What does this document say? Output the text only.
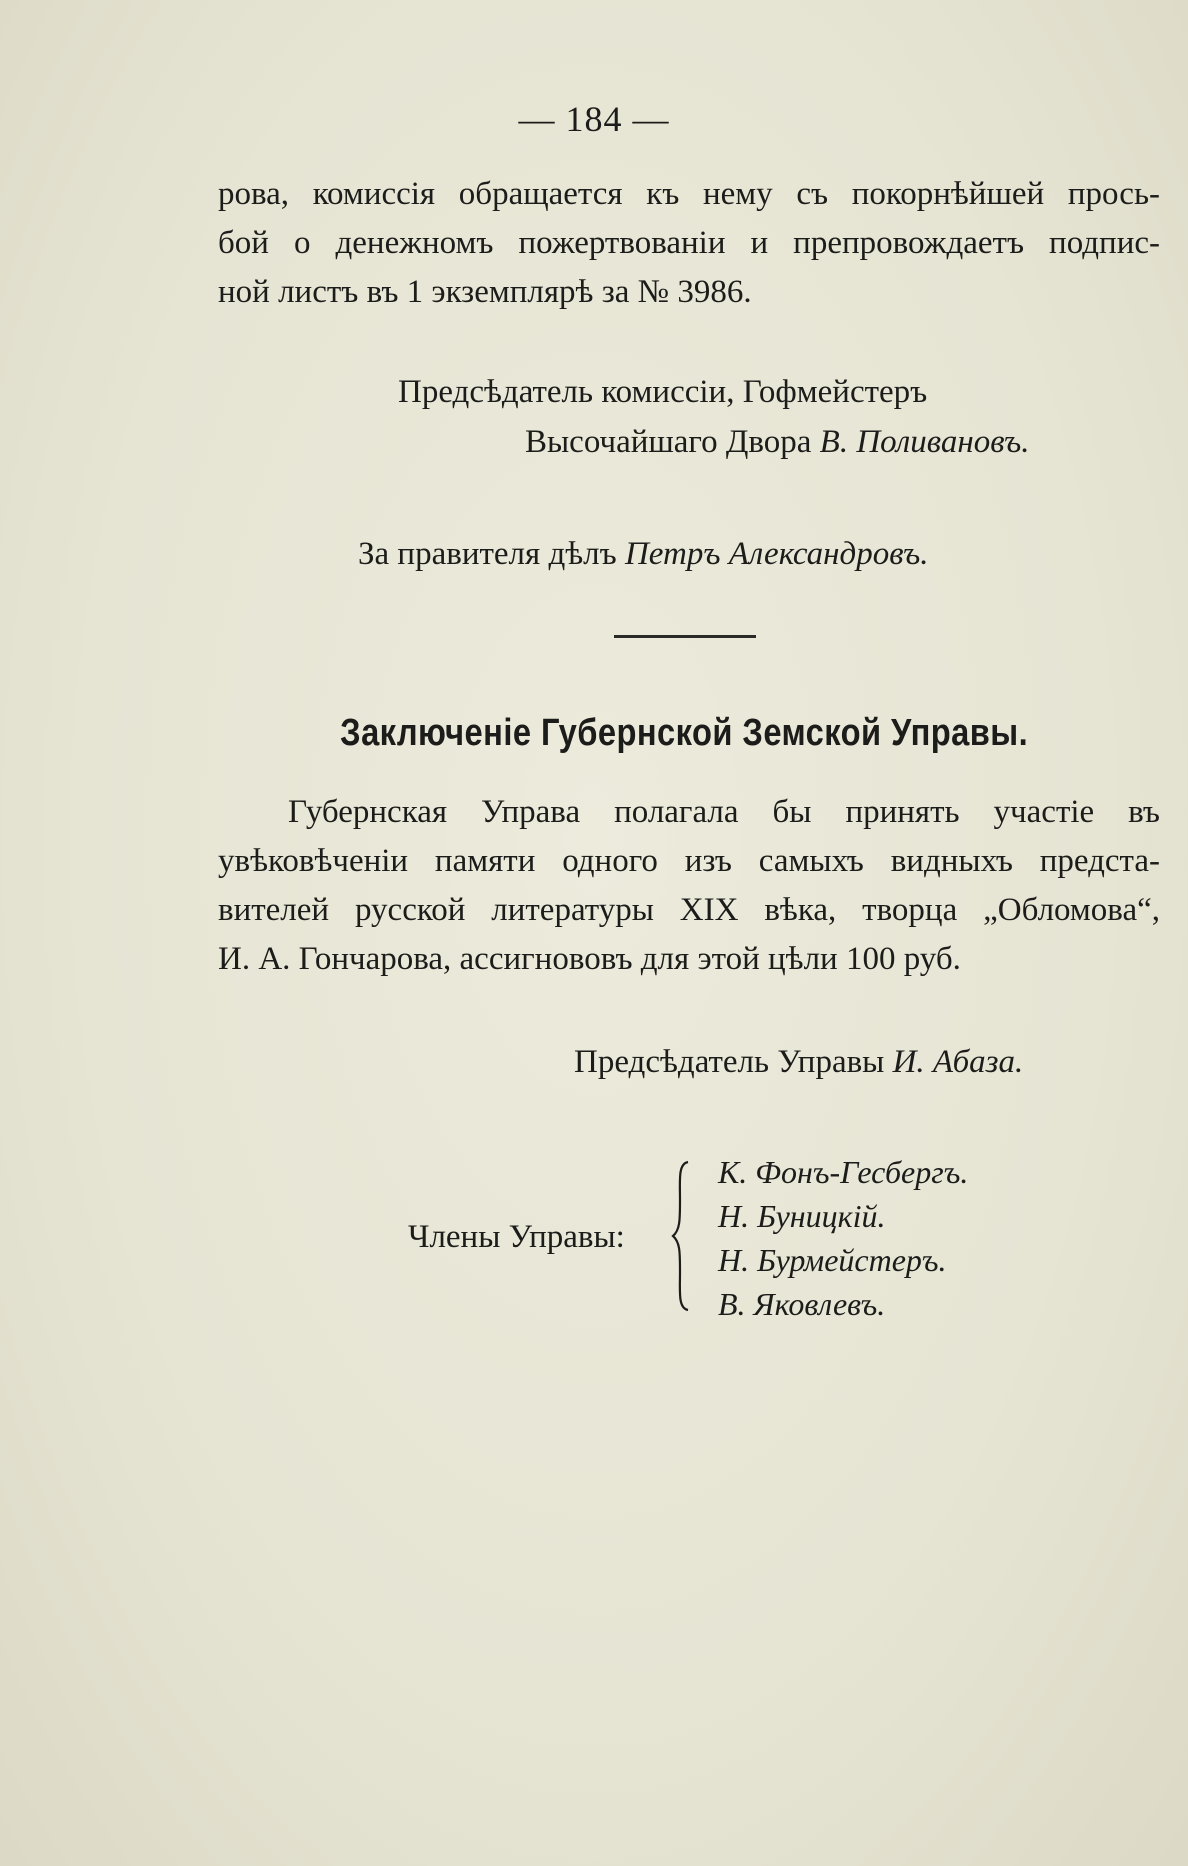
— 184 —
рова, комиссія обращается къ нему съ покорнѣйшей прось-
бой о денежномъ пожертвованіи и препровождаетъ подпис-
ной листъ въ 1 экземплярѣ за № 3986.
Предсѣдатель комиссіи, Гофмейстеръ
Высочайшаго Двора В. Поливановъ.
За правителя дѣлъ Петръ Александровъ.
Заключеніе Губернской Земской Управы.
Губернская Управа полагала бы принять участіе въ
увѣковѣченіи памяти одного изъ самыхъ видныхъ предста-
вителей русской литературы XIX вѣка, творца „Обломова“,
И. А. Гончарова, ассигнововъ для этой цѣли 100 руб.
Предсѣдатель Управы И. Абаза.
Члены Управы:
К. Фонъ-Гесбергъ.
Н. Буницкій.
Н. Бурмейстеръ.
В. Яковлевъ.
